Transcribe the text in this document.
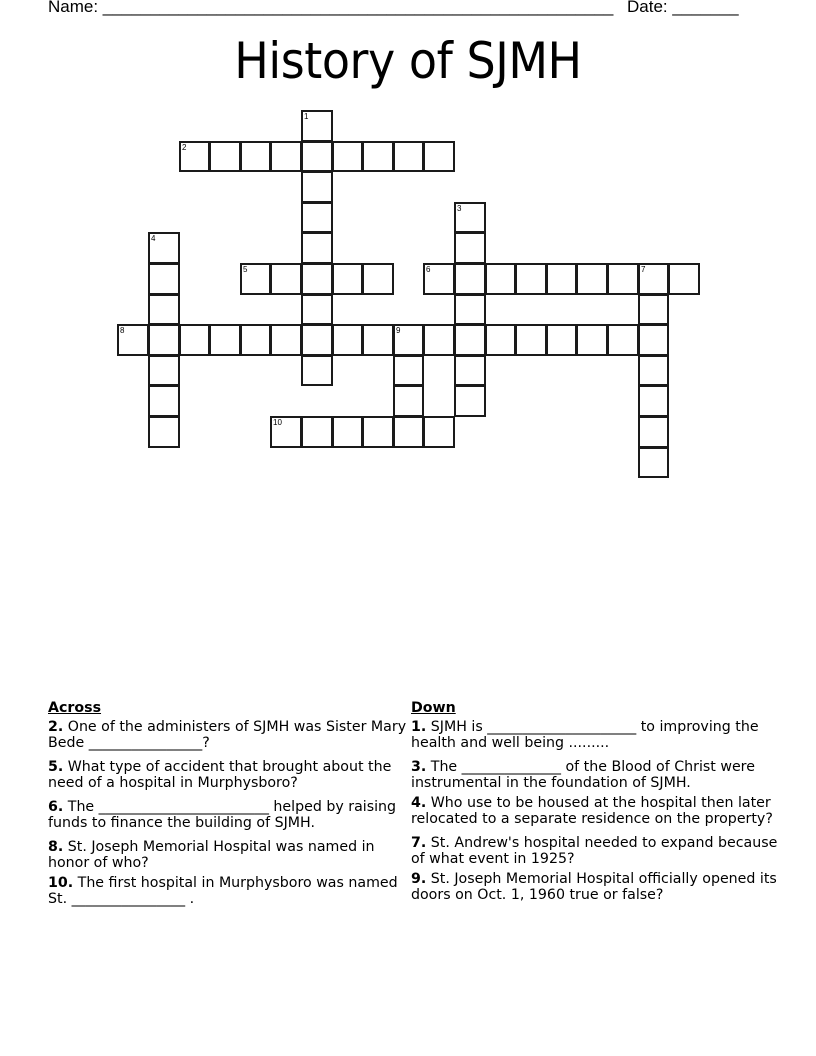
Name: ______________________________________________________ Date: _______
History of SJMH
1
2
3
4
5	6	7
8	9
10
Across
2. One of the administers of SJMH was Sister Mary Bede ________________?
5. What type of accident that brought about the need of a hospital in Murphysboro?
6. The ________________________ helped by raising funds to finance the building of SJMH.
8. St. Joseph Memorial Hospital was named in honor of who?
10. The first hospital in Murphysboro was named St. ________________ .
Down
1. SJMH is _____________________ to improving the health and well being .........
3. The ______________ of the Blood of Christ were instrumental in the foundation of SJMH.
4. Who use to be housed at the hospital then later relocated to a separate residence on the property?
7. St. Andrew's hospital needed to expand because of what event in 1925?
9. St. Joseph Memorial Hospital officially opened its doors on Oct. 1, 1960 true or false?
